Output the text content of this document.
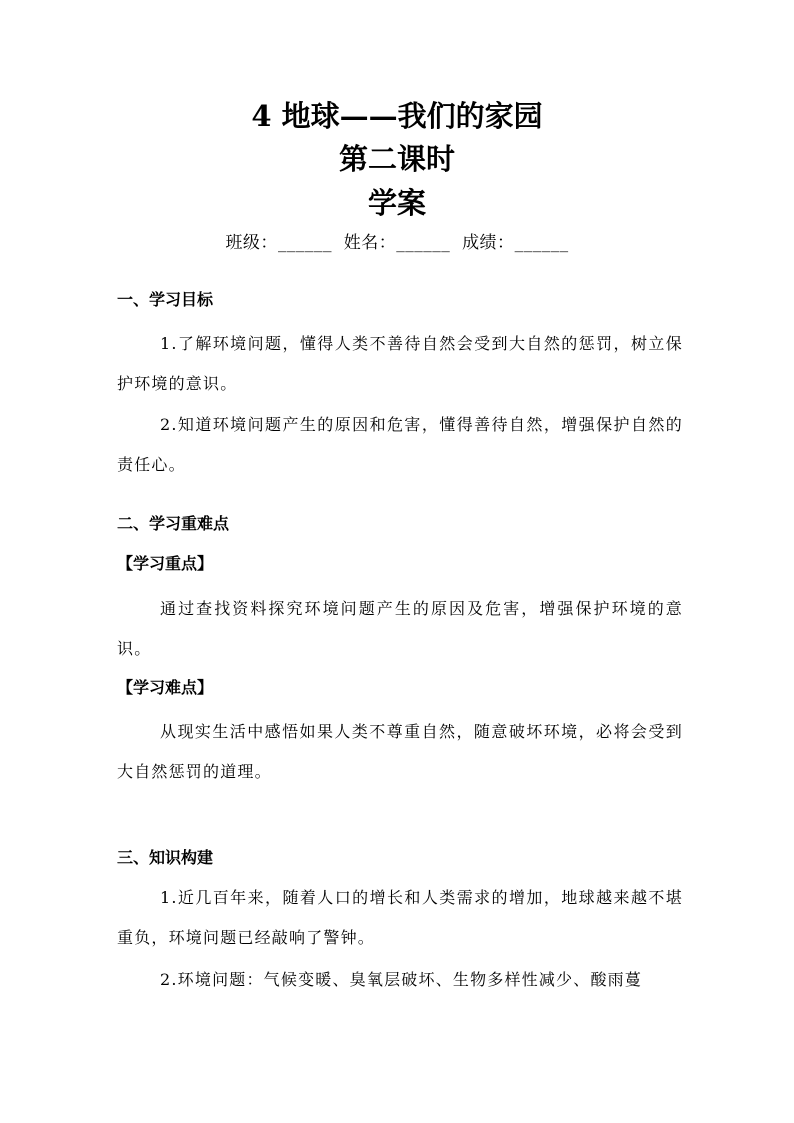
4 地球——我们的家园
第二课时
学案
班级：______ 姓名：______ 成绩：______
一、学习目标
1.了解环境问题，懂得人类不善待自然会受到大自然的惩罚，树立保护环境的意识。
2.知道环境问题产生的原因和危害，懂得善待自然，增强保护自然的责任心。
二、学习重难点
【学习重点】
通过查找资料探究环境问题产生的原因及危害，增强保护环境的意识。
【学习难点】
从现实生活中感悟如果人类不尊重自然，随意破坏环境，必将会受到大自然惩罚的道理。
三、知识构建
1.近几百年来，随着人口的增长和人类需求的增加，地球越来越不堪重负，环境问题已经敲响了警钟。
2.环境问题：气候变暖、臭氧层破坏、生物多样性减少、酸雨蔓
